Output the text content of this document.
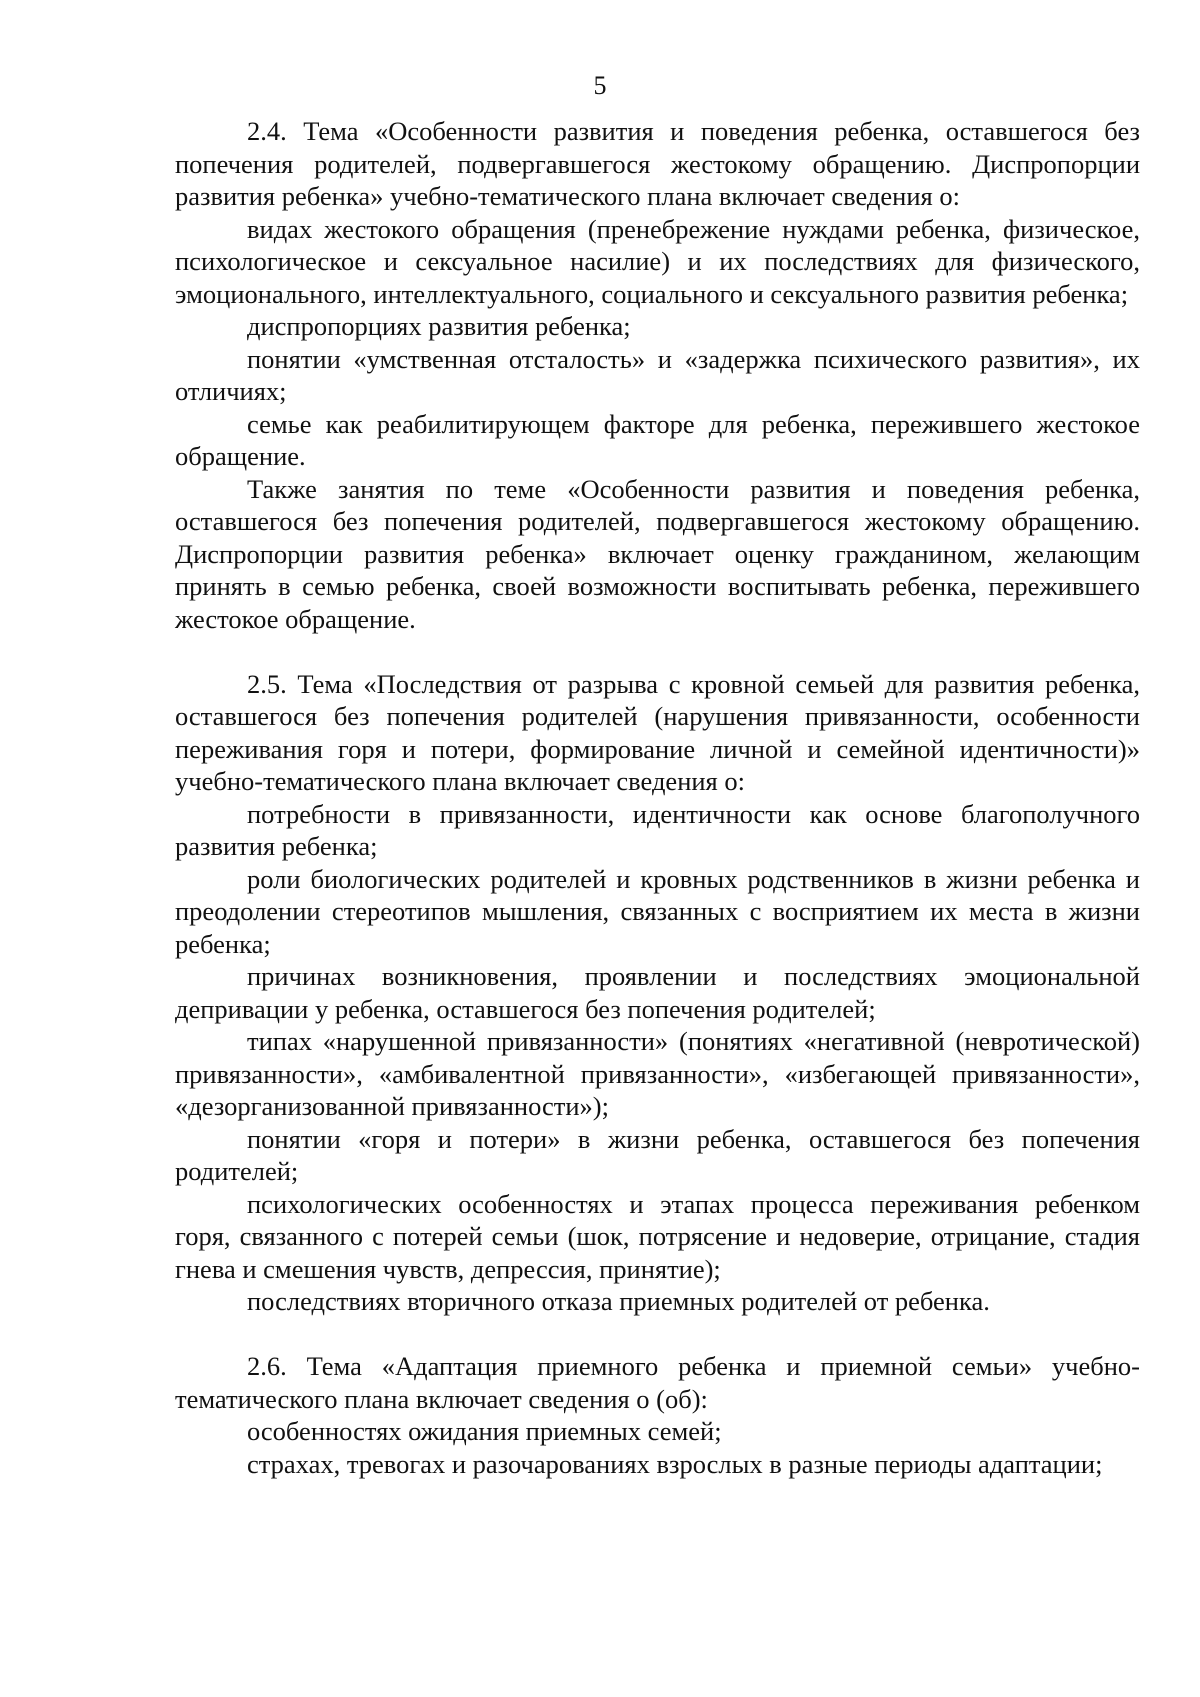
5

2.4. Тема «Особенности развития и поведения ребенка, оставшегося без попечения родителей, подвергавшегося жестокому обращению. Диспропорции развития ребенка» учебно-тематического плана включает сведения о:

видах жестокого обращения (пренебрежение нуждами ребенка, физическое, психологическое и сексуальное насилие) и их последствиях для физического, эмоционального, интеллектуального, социального и сексуального развития ребенка;

диспропорциях развития ребенка;

понятии «умственная отсталость» и «задержка психического развития», их отличиях;

семье как реабилитирующем факторе для ребенка, пережившего жестокое обращение.

Также занятия по теме «Особенности развития и поведения ребенка, оставшегося без попечения родителей, подвергавшегося жестокому обращению. Диспропорции развития ребенка» включает оценку гражданином, желающим принять в семью ребенка, своей возможности воспитывать ребенка, пережившего жестокое обращение.

2.5. Тема «Последствия от разрыва с кровной семьей для развития ребенка, оставшегося без попечения родителей (нарушения привязанности, особенности переживания горя и потери, формирование личной и семейной идентичности)» учебно-тематического плана включает сведения о:

потребности в привязанности, идентичности как основе благополучного развития ребенка;

роли биологических родителей и кровных родственников в жизни ребенка и преодолении стереотипов мышления, связанных с восприятием их места в жизни ребенка;

причинах возникновения, проявлении и последствиях эмоциональной депривации у ребенка, оставшегося без попечения родителей;

типах «нарушенной привязанности» (понятиях «негативной (невротической) привязанности», «амбивалентной привязанности», «избегающей привязанности», «дезорганизованной привязанности»);

понятии «горя и потери» в жизни ребенка, оставшегося без попечения родителей;

психологических особенностях и этапах процесса переживания ребенком горя, связанного с потерей семьи (шок, потрясение и недоверие, отрицание, стадия гнева и смешения чувств, депрессия, принятие);

последствиях вторичного отказа приемных родителей от ребенка.

2.6. Тема «Адаптация приемного ребенка и приемной семьи» учебно-тематического плана включает сведения о (об):

особенностях ожидания приемных семей;

страхах, тревогах и разочарованиях взрослых в разные периоды адаптации;
